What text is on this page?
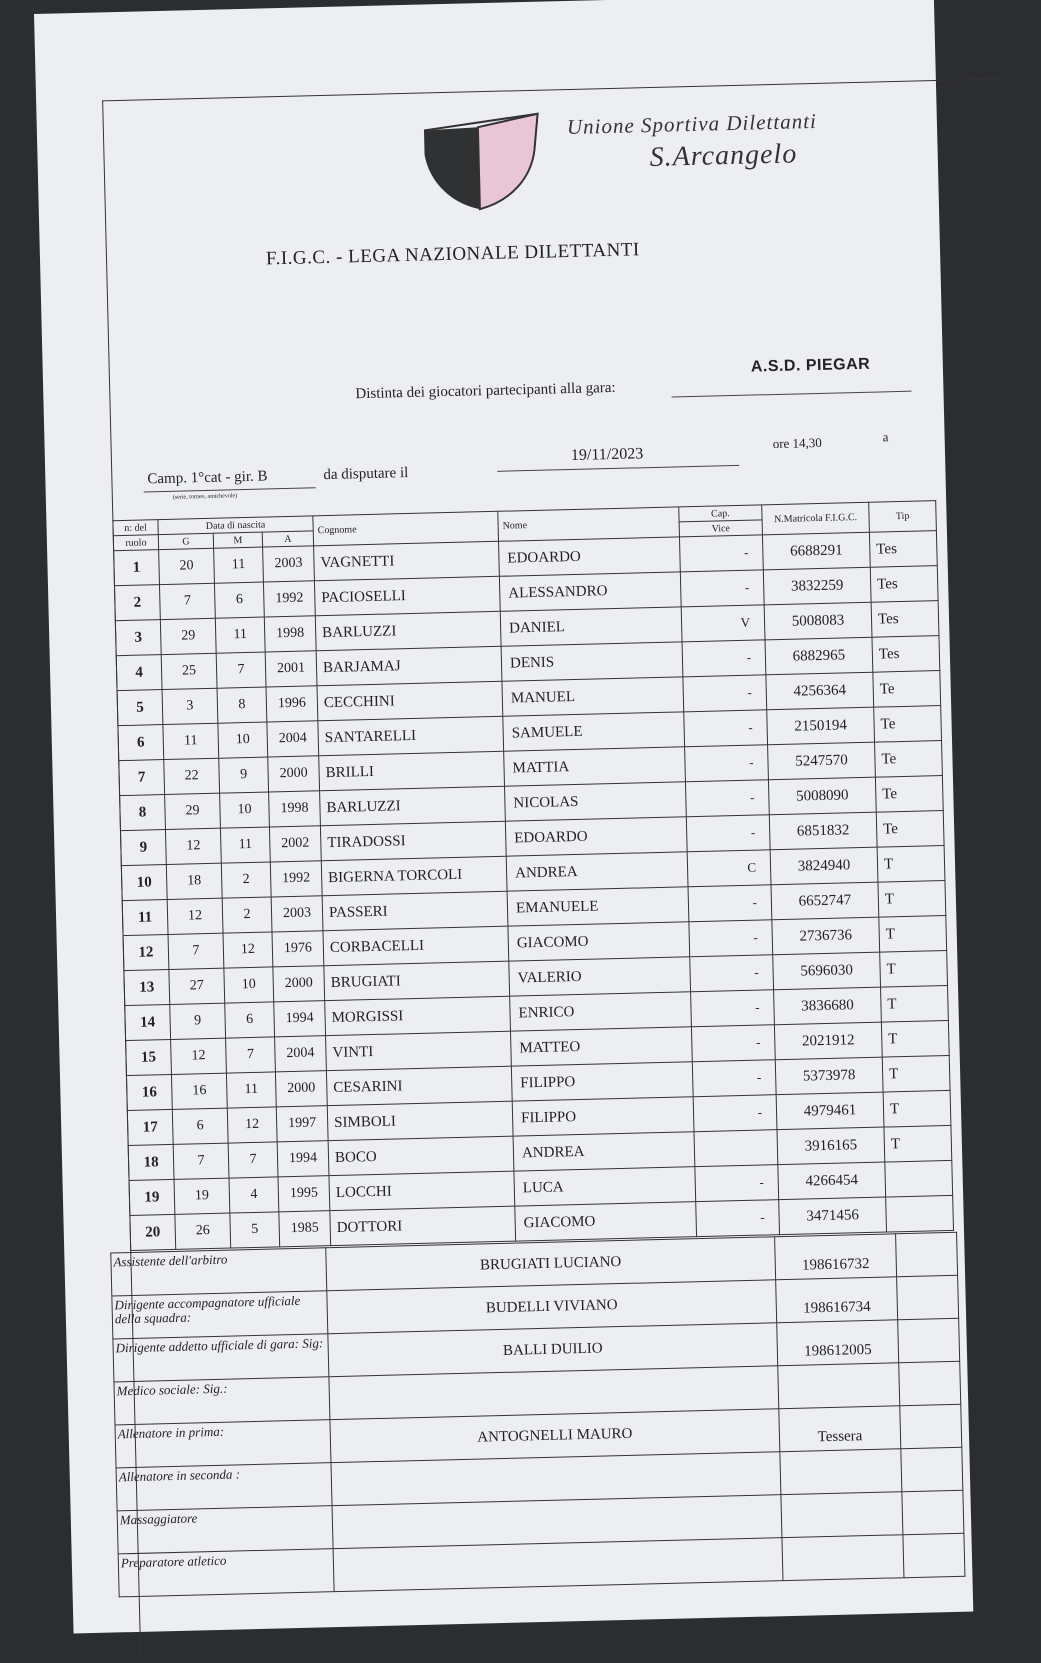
Unione Sportiva Dilettanti
S.Arcangelo
F.I.G.C. - LEGA NAZIONALE DILETTANTI
Distinta dei giocatori partecipanti alla gara:
A.S.D. PIEGAR
Camp. 1°cat - gir. B
(serie, torneo, amichevole)
da disputare il
19/11/2023
ore 14,30	a
n: del	Data di nascita			Cognome	Nome	Cap.	N.Matricola F.I.G.C.	Tip
ruolo	G	M	A			Vice		
1	20	11	2003	VAGNETTI	EDOARDO	-	6688291	Tes
2	7	6	1992	PACIOSELLI	ALESSANDRO	-	3832259	Tes
3	29	11	1998	BARLUZZI	DANIEL	V	5008083	Tes
4	25	7	2001	BARJAMAJ	DENIS	-	6882965	Tes
5	3	8	1996	CECCHINI	MANUEL	-	4256364	Te
6	11	10	2004	SANTARELLI	SAMUELE	-	2150194	Te
7	22	9	2000	BRILLI	MATTIA	-	5247570	Te
8	29	10	1998	BARLUZZI	NICOLAS	-	5008090	Te
9	12	11	2002	TIRADOSSI	EDOARDO	-	6851832	Te
10	18	2	1992	BIGERNA TORCOLI	ANDREA	C	3824940	T
11	12	2	2003	PASSERI	EMANUELE	-	6652747	T
12	7	12	1976	CORBACELLI	GIACOMO	-	2736736	T
13	27	10	2000	BRUGIATI	VALERIO	-	5696030	T
14	9	6	1994	MORGISSI	ENRICO	-	3836680	T
15	12	7	2004	VINTI	MATTEO	-	2021912	T
16	16	11	2000	CESARINI	FILIPPO	-	5373978	T
17	6	12	1997	SIMBOLI	FILIPPO	-	4979461	T
18	7	7	1994	BOCO	ANDREA		3916165	T
19	19	4	1995	LOCCHI	LUCA	-	4266454	
20	26	5	1985	DOTTORI	GIACOMO	-	3471456	
Assistente dell'arbitro	BRUGIATI LUCIANO	198616732	
Dirigente accompagnatore ufficiale della squadra:	BUDELLI VIVIANO	198616734	
Dirigente addetto ufficiale di gara: Sig:	BALLI DUILIO	198612005	
Medico sociale: Sig.:			
Allenatore in prima:	ANTOGNELLI MAURO	Tessera	
Allenatore in seconda :			
Massaggiatore			
Preparatore atletico			
